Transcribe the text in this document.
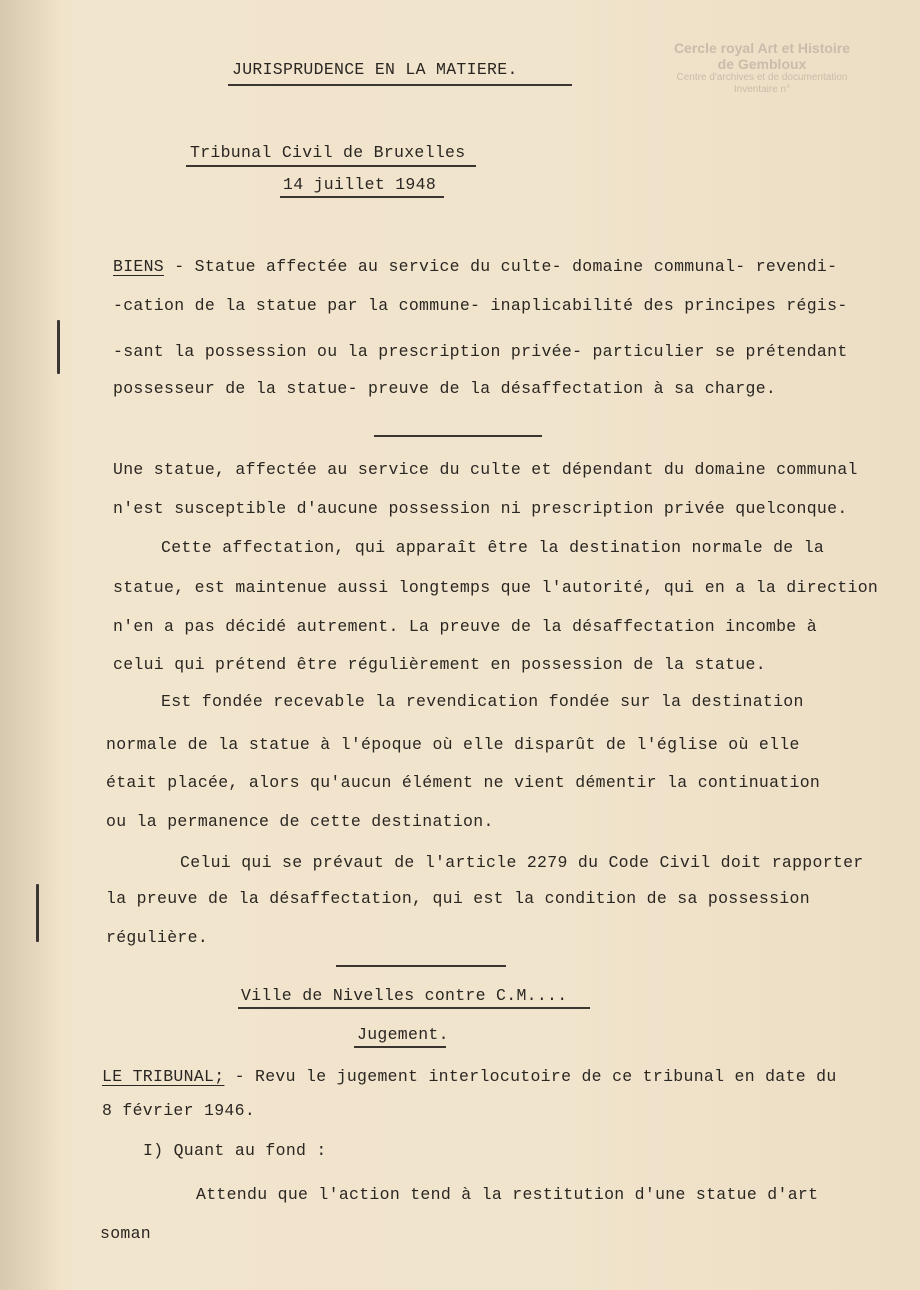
Cercle royal Art et Histoire
de Gembloux
Centre d'archives et de documentation
Inventaire n°
JURISPRUDENCE EN LA MATIERE.
Tribunal Civil de Bruxelles
14 juillet 1948
BIENS - Statue affectée au service du culte- domaine communal- revendi-
-cation de la statue par la commune- inaplicabilité des principes régis-
-sant la possession ou la prescription privée- particulier se prétendant
possesseur de la statue- preuve de la désaffectation à sa charge.
Une statue, affectée au service du culte et dépendant du domaine communal
n'est susceptible d'aucune possession ni prescription privée quelconque.
Cette affectation, qui apparaît être la destination normale de la
statue, est maintenue aussi longtemps que l'autorité, qui en a la direction
n'en a pas décidé autrement. La preuve de la désaffectation incombe à
celui qui prétend être régulièrement en possession de la statue.
Est fondée recevable la revendication fondée sur la destination
normale de la statue à l'époque où elle disparût de l'église où elle
était placée, alors qu'aucun élément ne vient démentir la continuation
ou la permanence de cette destination.
Celui qui se prévaut de l'article 2279 du Code Civil doit rapporter
la preuve de la désaffectation, qui est la condition de sa possession
régulière.
Ville de Nivelles contre C.M....
Jugement.
LE TRIBUNAL; - Revu le jugement interlocutoire de ce tribunal en date du
8 février 1946.
I) Quant au fond :
Attendu que l'action tend à la restitution d'une statue d'art
soman
